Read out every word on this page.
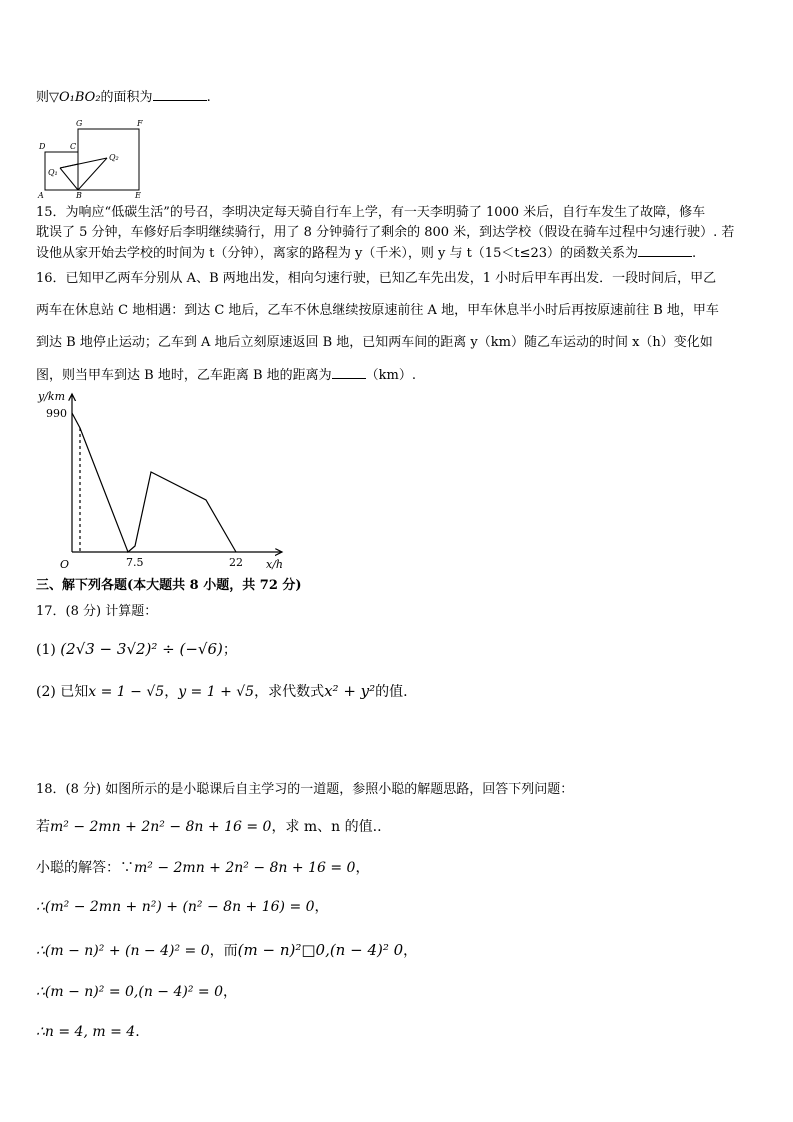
则▽O₁BO₂的面积为	.
G	F
D	C
Q₁
Q₂
A	B	E
15．为响应“低碳生活”的号召，李明决定每天骑自行车上学，有一天李明骑了 1000 米后，自行车发生了故障，修车
耽误了 5 分钟，车修好后李明继续骑行，用了 8 分钟骑行了剩余的 800 米，到达学校（假设在骑车过程中匀速行驶）. 若
设他从家开始去学校的时间为 t（分钟），离家的路程为 y（千米），则 y 与 t（15＜t≤23）的函数关系为	.
16．已知甲乙两车分别从 A、B 两地出发，相向匀速行驶，已知乙车先出发，1 小时后甲车再出发．一段时间后，甲乙
两车在休息站 C 地相遇：到达 C 地后，乙车不休息继续按原速前往 A 地，甲车休息半小时后再按原速前往 B 地，甲车
到达 B 地停止运动；乙车到 A 地后立刻原速返回 B 地，已知两车间的距离 y（km）随乙车运动的时间 x（h）变化如
图，则当甲车到达 B 地时，乙车距离 B 地的距离为	（km）.
y/km
990
O	7.5	22 x/h
三、解下列各题(本大题共 8 小题，共 72 分)
17．(8 分) 计算题：
(1) (2√3 − 3√2)² ÷ (−√6)；
(2) 已知x = 1 − √5，y = 1 + √5，求代数式x² + y²的值.
18．(8 分) 如图所示的是小聪课后自主学习的一道题，参照小聪的解题思路，回答下列问题：
若m² − 2mn + 2n² − 8n + 16 = 0，求 m、n 的值..
小聪的解答：∵m² − 2mn + 2n² − 8n + 16 = 0，
∴(m² − 2mn + n²) + (n² − 8n + 16) = 0，
∴(m − n)² + (n − 4)² = 0，而(m − n)²□0,(n − 4)² 0，
∴(m − n)² = 0,(n − 4)² = 0，
∴n = 4, m = 4.
